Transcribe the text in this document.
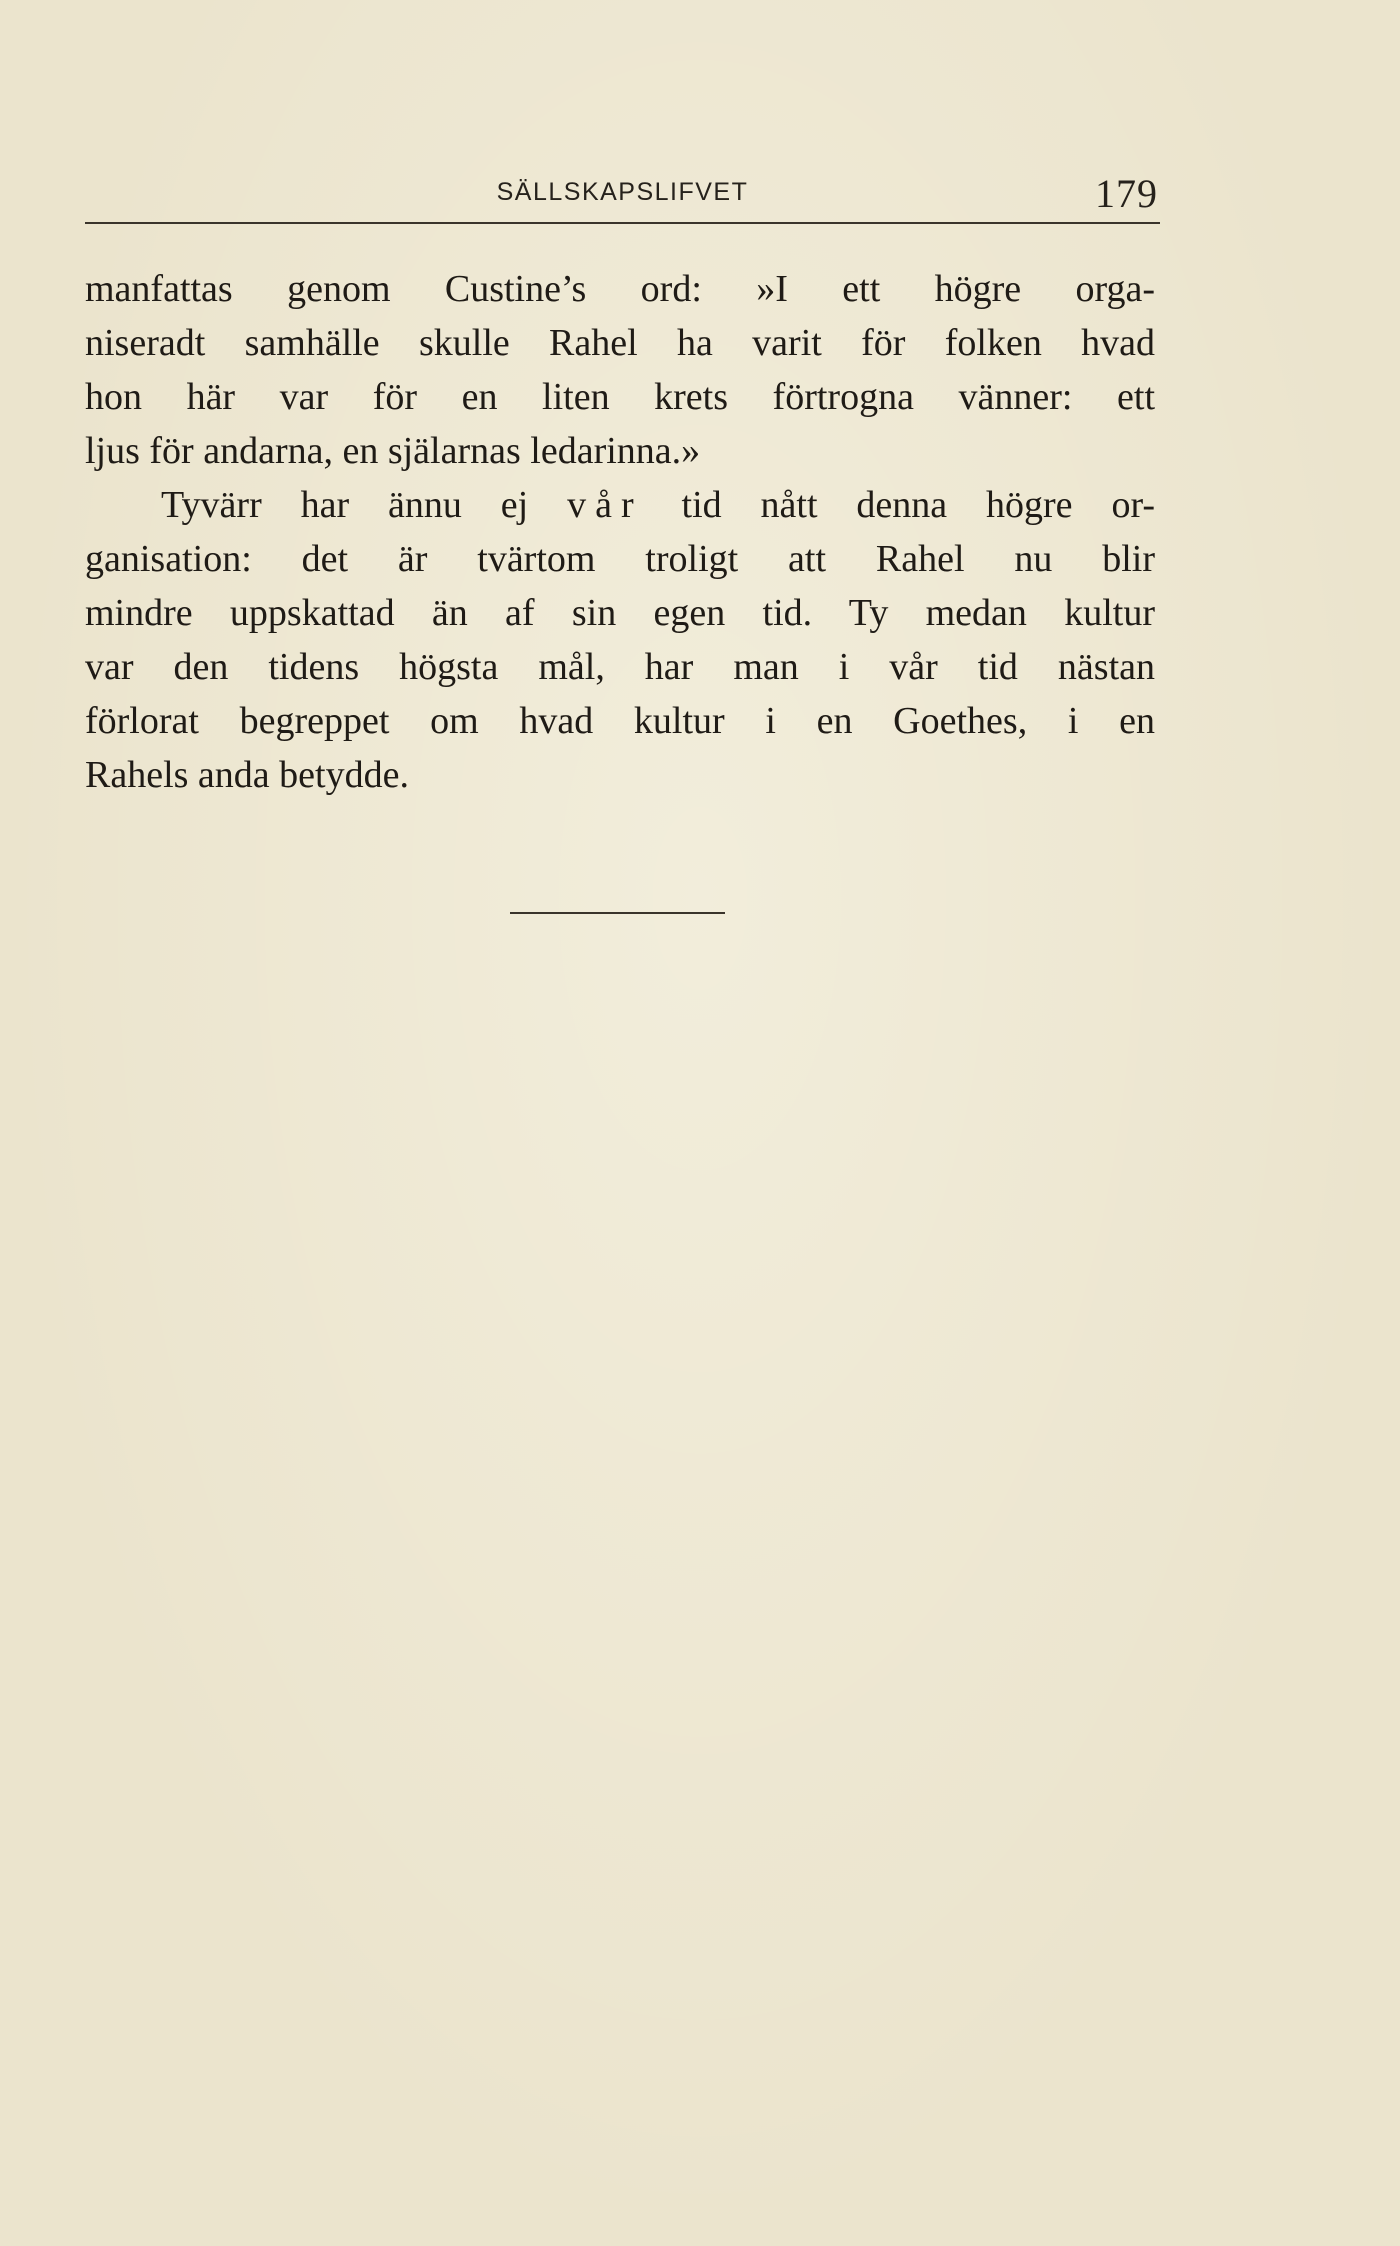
SÄLLSKAPSLIFVET	179
manfattas genom Custine’s ord: »I ett högre orga-
niseradt samhälle skulle Rahel ha varit för folken hvad
hon här var för en liten krets förtrogna vänner: ett
ljus för andarna, en själarnas ledarinna.»
Tyvärr har ännu ej vår tid nått denna högre or-
ganisation: det är tvärtom troligt att Rahel nu blir
mindre uppskattad än af sin egen tid. Ty medan kultur
var den tidens högsta mål, har man i vår tid nästan
förlorat begreppet om hvad kultur i en Goethes, i en
Rahels anda betydde.
